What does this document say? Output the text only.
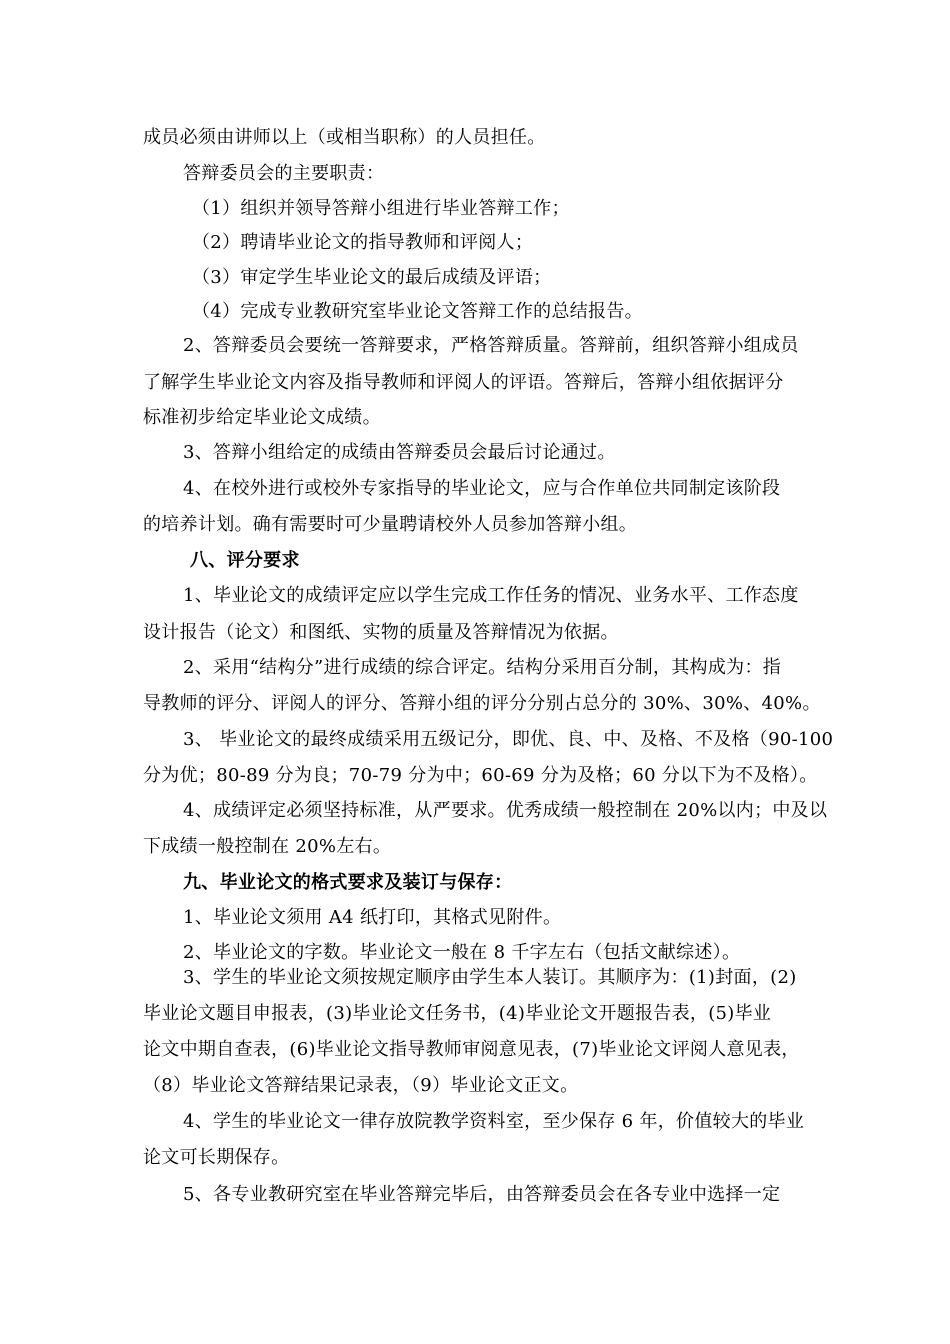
成员必须由讲师以上（或相当职称）的人员担任。
答辩委员会的主要职责：
（1）组织并领导答辩小组进行毕业答辩工作；
（2）聘请毕业论文的指导教师和评阅人；
（3）审定学生毕业论文的最后成绩及评语；
（4）完成专业教研究室毕业论文答辩工作的总结报告。
2、答辩委员会要统一答辩要求，严格答辩质量。答辩前，组织答辩小组成员
了解学生毕业论文内容及指导教师和评阅人的评语。答辩后，答辩小组依据评分
标准初步给定毕业论文成绩。
3、答辩小组给定的成绩由答辩委员会最后讨论通过。
4、在校外进行或校外专家指导的毕业论文，应与合作单位共同制定该阶段
的培养计划。确有需要时可少量聘请校外人员参加答辩小组。
八、评分要求
1、毕业论文的成绩评定应以学生完成工作任务的情况、业务水平、工作态度
设计报告（论文）和图纸、实物的质量及答辩情况为依据。
2、采用“结构分”进行成绩的综合评定。结构分采用百分制，其构成为：指
导教师的评分、评阅人的评分、答辩小组的评分分别占总分的 30%、30%、40%。
3、 毕业论文的最终成绩采用五级记分，即优、良、中、及格、不及格（90-100
分为优；80-89 分为良；70-79 分为中；60-69 分为及格；60 分以下为不及格）。
4、成绩评定必须坚持标准，从严要求。优秀成绩一般控制在 20%以内；中及以
下成绩一般控制在 20%左右。
九、毕业论文的格式要求及装订与保存：
1、毕业论文须用 A4 纸打印，其格式见附件。
2、毕业论文的字数。毕业论文一般在 8 千字左右（包括文献综述）。
3、学生的毕业论文须按规定顺序由学生本人装订。其顺序为：(1)封面，(2)
毕业论文题目申报表，(3)毕业论文任务书，(4)毕业论文开题报告表，(5)毕业
论文中期自查表，(6)毕业论文指导教师审阅意见表，(7)毕业论文评阅人意见表，
（8）毕业论文答辩结果记录表，（9）毕业论文正文。
4、学生的毕业论文一律存放院教学资料室，至少保存 6 年，价值较大的毕业
论文可长期保存。
5、各专业教研究室在毕业答辩完毕后，由答辩委员会在各专业中选择一定
